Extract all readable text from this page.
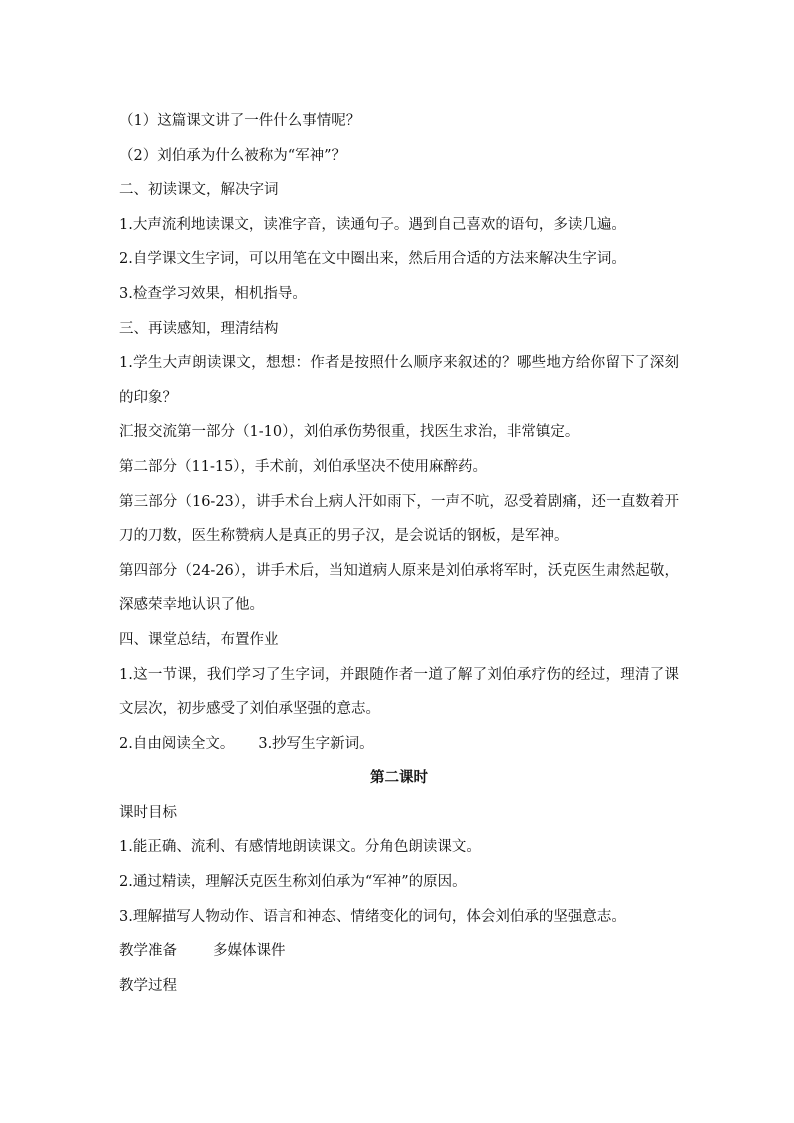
（1）这篇课文讲了一件什么事情呢？

（2）刘伯承为什么被称为“军神”？

二、初读课文，解决字词

1.大声流利地读课文，读准字音，读通句子。遇到自己喜欢的语句，多读几遍。

2.自学课文生字词，可以用笔在文中圈出来，然后用合适的方法来解决生字词。

3.检查学习效果，相机指导。

三、再读感知，理清结构

1.学生大声朗读课文，想想：作者是按照什么顺序来叙述的？哪些地方给你留下了深刻的印象？

汇报交流第一部分（1-10），刘伯承伤势很重，找医生求治，非常镇定。

第二部分（11-15），手术前，刘伯承坚决不使用麻醉药。

第三部分（16-23），讲手术台上病人汗如雨下，一声不吭，忍受着剧痛，还一直数着开刀的刀数，医生称赞病人是真正的男子汉，是会说话的钢板，是军神。

第四部分（24-26），讲手术后，当知道病人原来是刘伯承将军时，沃克医生肃然起敬，深感荣幸地认识了他。

四、课堂总结，布置作业

1.这一节课，我们学习了生字词，并跟随作者一道了解了刘伯承疗伤的经过，理清了课文层次，初步感受了刘伯承坚强的意志。

2.自由阅读全文。 3.抄写生字新词。

第二课时

课时目标

1.能正确、流利、有感情地朗读课文。分角色朗读课文。

2.通过精读，理解沃克医生称刘伯承为“军神”的原因。

3.理解描写人物动作、语言和神态、情绪变化的词句，体会刘伯承的坚强意志。

教学准备 多媒体课件

教学过程
